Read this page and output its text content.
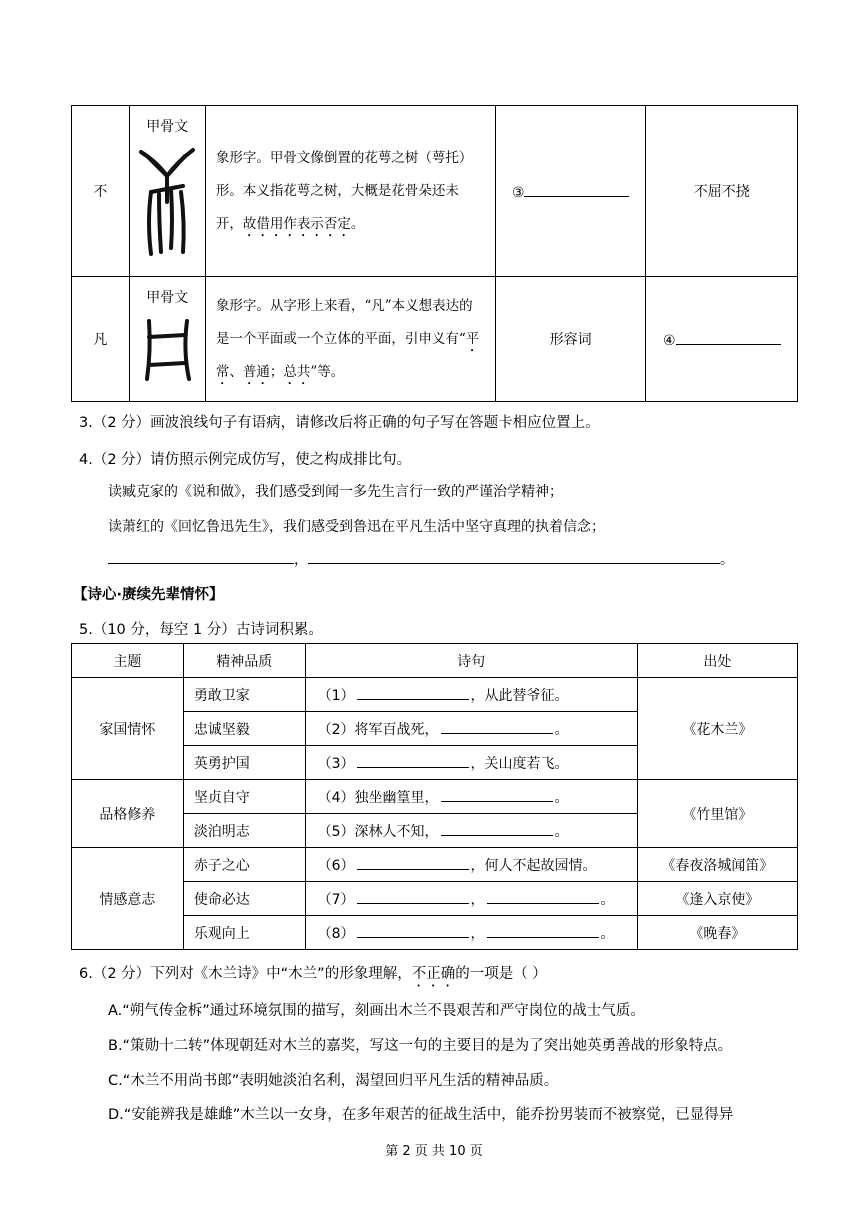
不	甲骨文	象形字。甲骨文像倒置的花萼之树（萼托）形。本义指花萼之树，大概是花骨朵还未开，故借用作表示否定。	③	不屈不挠
凡	甲骨文	象形字。从字形上来看，“凡”本义想表达的是一个平面或一个立体的平面，引申义有“平常、普通；总共”等。	形容词	④
3.（2 分）画波浪线句子有语病，请修改后将正确的句子写在答题卡相应位置上。
4.（2 分）请仿照示例完成仿写，使之构成排比句。
读臧克家的《说和做》，我们感受到闻一多先生言行一致的严谨治学精神；
读萧红的《回忆鲁迅先生》，我们感受到鲁迅在平凡生活中坚守真理的执着信念；
，	。
【诗心·赓续先辈情怀】
5.（10 分，每空 1 分）古诗词积累。
主题	精神品质	诗句	出处
家国情怀	勇敢卫家	（1） ，从此替爷征。	《花木兰》
	忠诚坚毅	（2）将军百战死， 。	
	英勇护国	（3） ，关山度若飞。	
品格修养	坚贞自守	（4）独坐幽篁里， 。	《竹里馆》
	淡泊明志	（5）深林人不知， 。	
情感意志	赤子之心	（6） ，何人不起故园情。	《春夜洛城闻笛》
	使命必达	（7） ， 。	《逢入京使》
	乐观向上	（8） ， 。	《晚春》
6.（2 分）下列对《木兰诗》中“木兰”的形象理解，不正确的一项是（ ）
A.“朔气传金柝”通过环境氛围的描写，刻画出木兰不畏艰苦和严守岗位的战士气质。
B.“策勋十二转”体现朝廷对木兰的嘉奖，写这一句的主要目的是为了突出她英勇善战的形象特点。
C.“木兰不用尚书郎”表明她淡泊名利，渴望回归平凡生活的精神品质。
D.“安能辨我是雄雌”木兰以一女身，在多年艰苦的征战生活中，能乔扮男装而不被察觉，已显得异
第 2 页 共 10 页
